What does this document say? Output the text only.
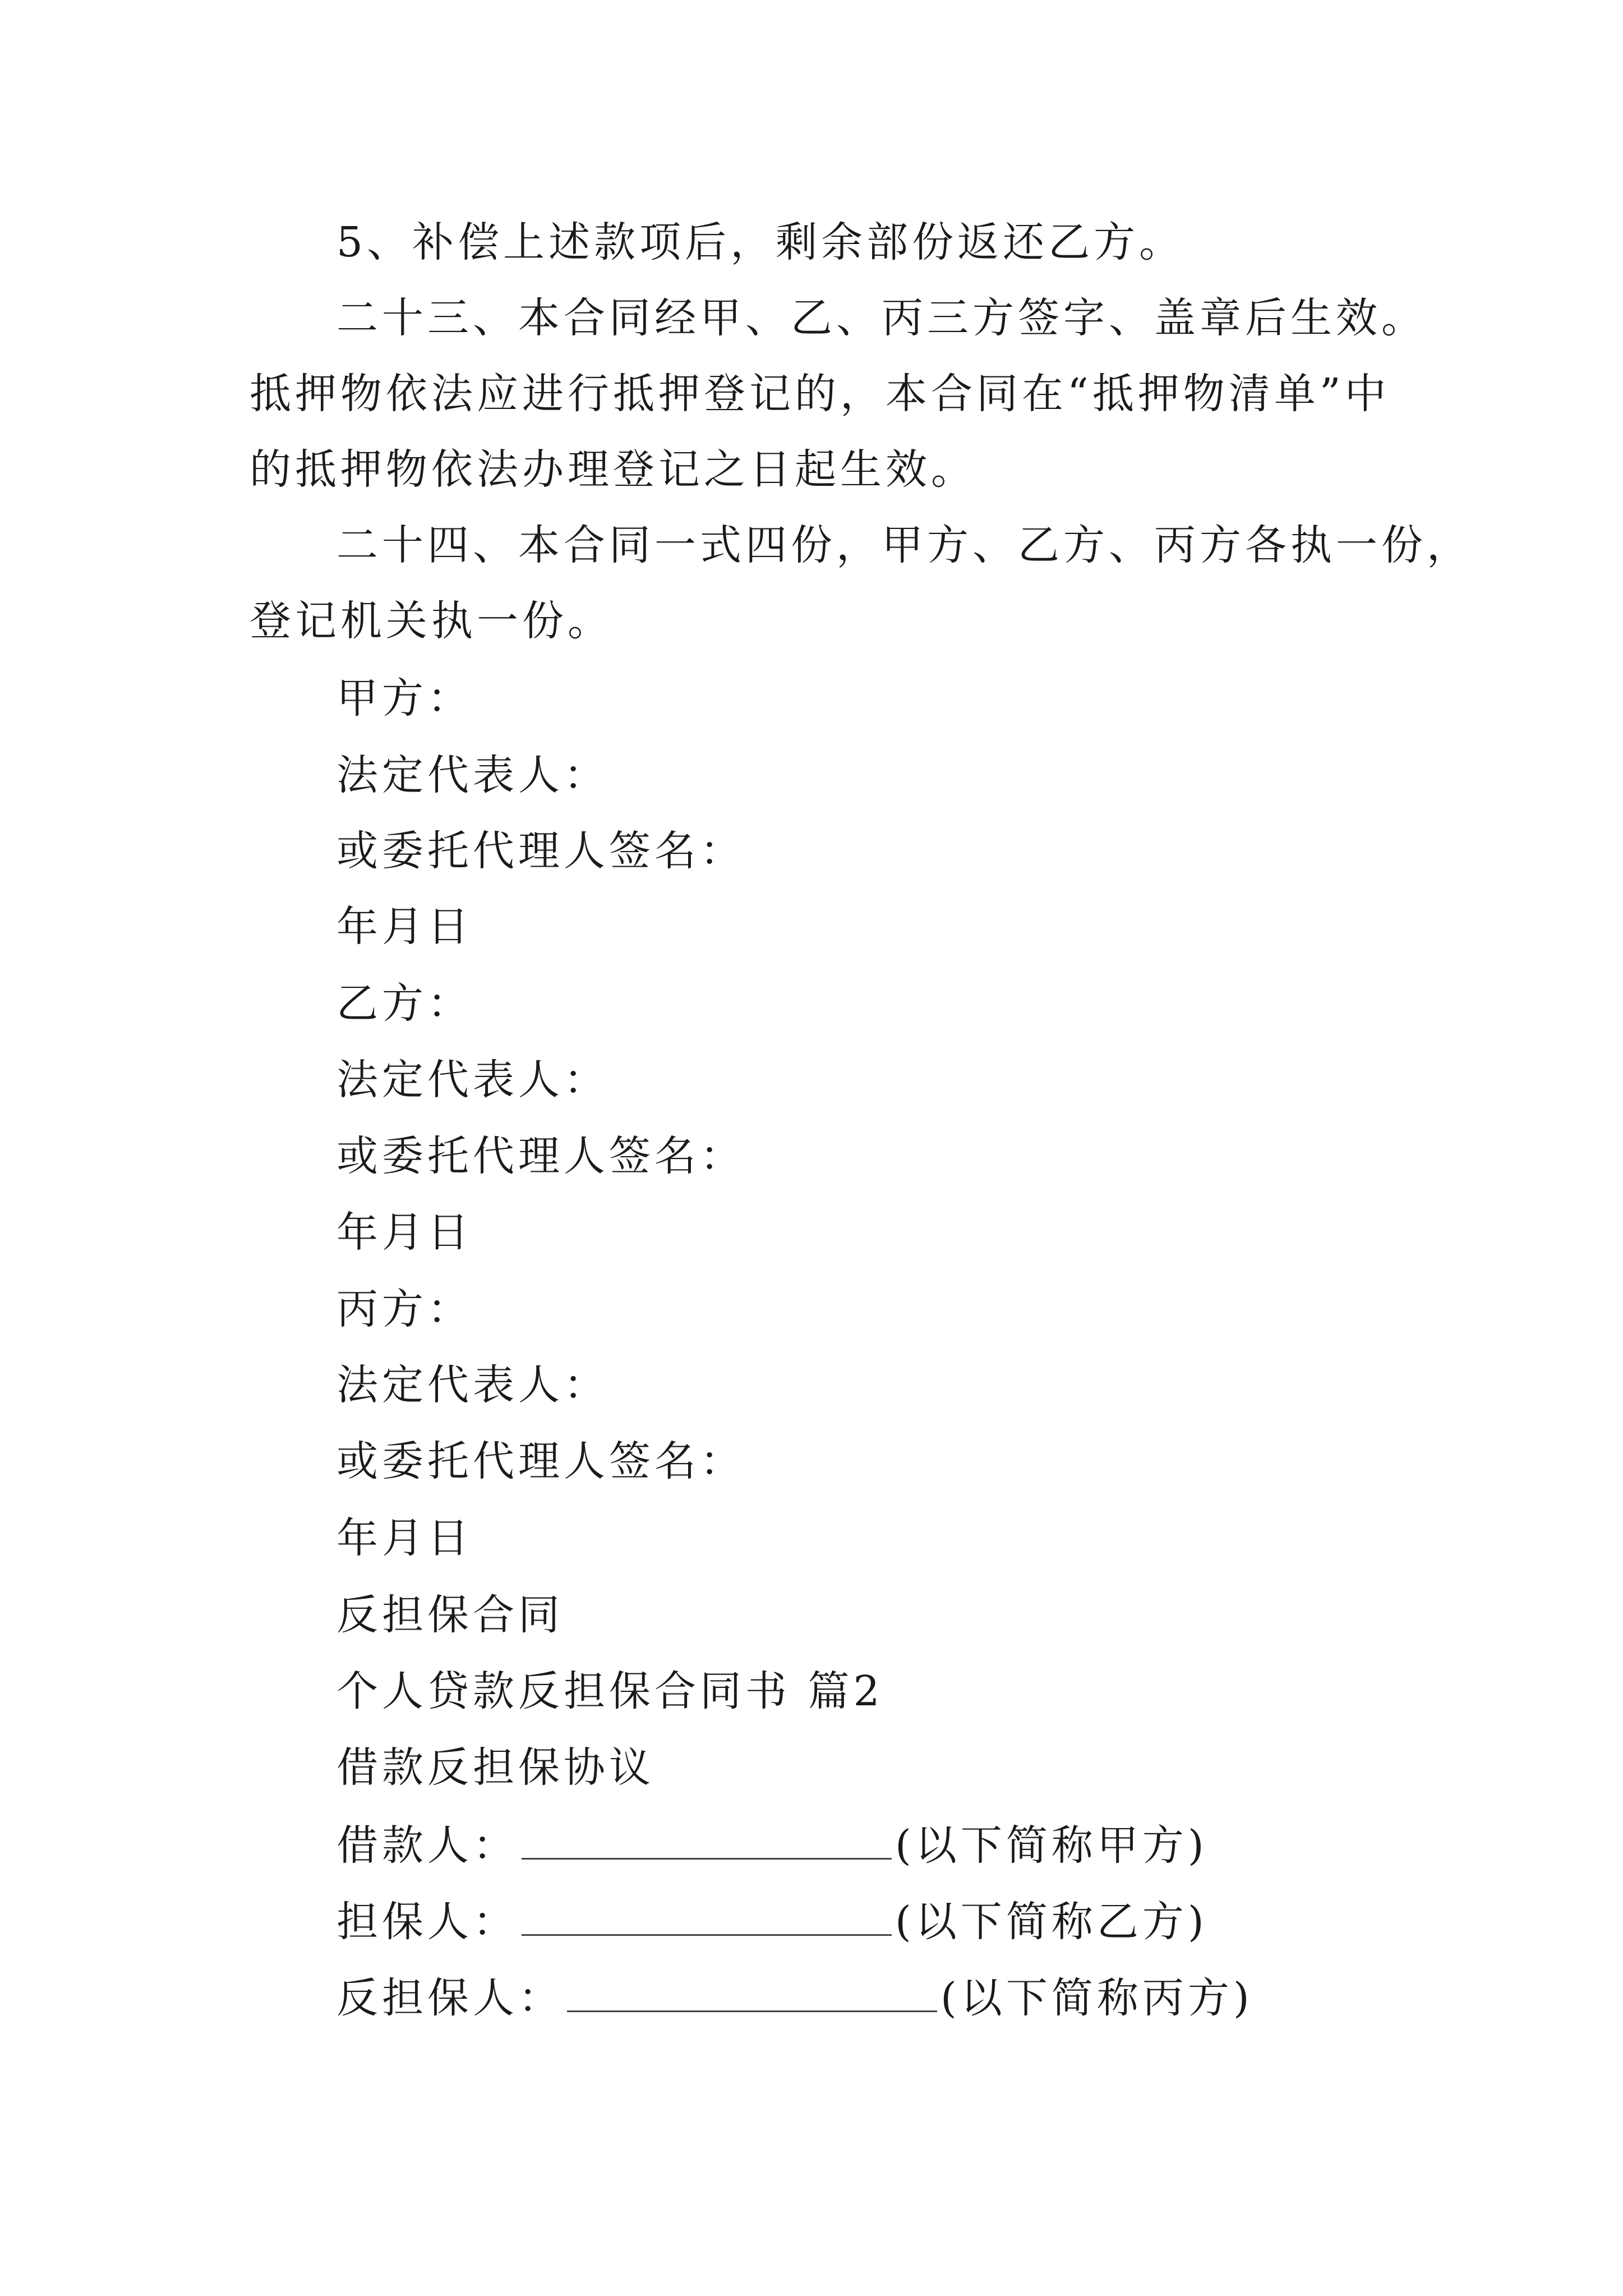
5、补偿上述款项后，剩余部份返还乙方。
二十三、本合同经甲、乙、丙三方签字、盖章后生效。
抵押物依法应进行抵押登记的，本合同在“抵押物清单”中
的抵押物依法办理登记之日起生效。
二十四、本合同一式四份，甲方、乙方、丙方各执一份，
登记机关执一份。
甲方：
法定代表人：
或委托代理人签名：
年月日
乙方：
法定代表人：
或委托代理人签名：
年月日
丙方：
法定代表人：
或委托代理人签名：
年月日
反担保合同
个人贷款反担保合同书 篇2
借款反担保协议
借款人：	(以下简称甲方)
担保人：	(以下简称乙方)
反担保人：	(以下简称丙方)
